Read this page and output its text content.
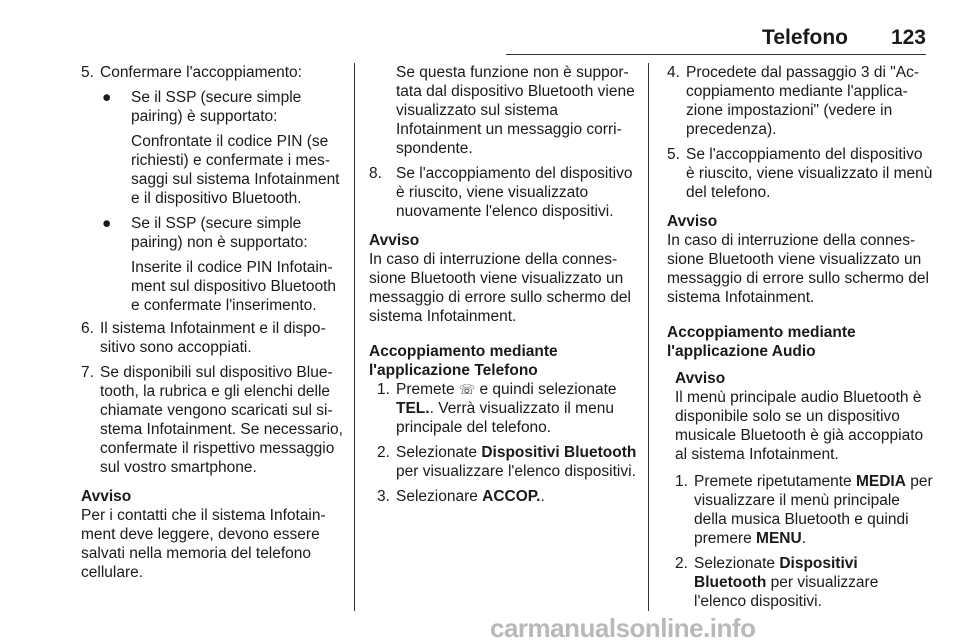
Telefono 123
5. Confermare l'accoppiamento:

● Se il SSP (secure simple pairing) è supportato:

Confrontate il codice PIN (se richiesti) e confermate i messaggi sul sistema Infotainment e il dispositivo Bluetooth.

● Se il SSP (secure simple pairing) non è supportato:

Inserite il codice PIN Infotainment sul dispositivo Bluetooth e confermate l'inserimento.

6. Il sistema Infotainment e il dispositivo sono accoppiati.

7. Se disponibili sul dispositivo Bluetooth, la rubrica e gli elenchi delle chiamate vengono scaricati sul sistema Infotainment. Se necessario, confermate il rispettivo messaggio sul vostro smartphone.

Avviso

Per i contatti che il sistema Infotainment deve leggere, devono essere salvati nella memoria del telefono cellulare.

Se questa funzione non è supportata dal dispositivo Bluetooth viene visualizzato sul sistema Infotainment un messaggio corrispondente.

8. Se l'accoppiamento del dispositivo è riuscito, viene visualizzato nuovamente l'elenco dispositivi.

Avviso

In caso di interruzione della connessione Bluetooth viene visualizzato un messaggio di errore sullo schermo del sistema Infotainment.

Accoppiamento mediante
l'applicazione Telefono

1. Premete ☏ e quindi selezionate TEL.. Verrà visualizzato il menu principale del telefono.

2. Selezionate Dispositivi Bluetooth per visualizzare l'elenco dispositivi.

3. Selezionare ACCOP..

4. Procedete dal passaggio 3 di "Accoppiamento mediante l'applicazione impostazioni" (vedere in precedenza).

5. Se l'accoppiamento del dispositivo è riuscito, viene visualizzato il menù del telefono.

Avviso

In caso di interruzione della connessione Bluetooth viene visualizzato un messaggio di errore sullo schermo del sistema Infotainment.

Accoppiamento mediante
l'applicazione Audio

Avviso

Il menù principale audio Bluetooth è disponibile solo se un dispositivo musicale Bluetooth è già accoppiato al sistema Infotainment.

1. Premete ripetutamente MEDIA per visualizzare il menù principale della musica Bluetooth e quindi premere MENU.

2. Selezionate Dispositivi Bluetooth per visualizzare l'elenco dispositivi.

carmanualsonline.info
